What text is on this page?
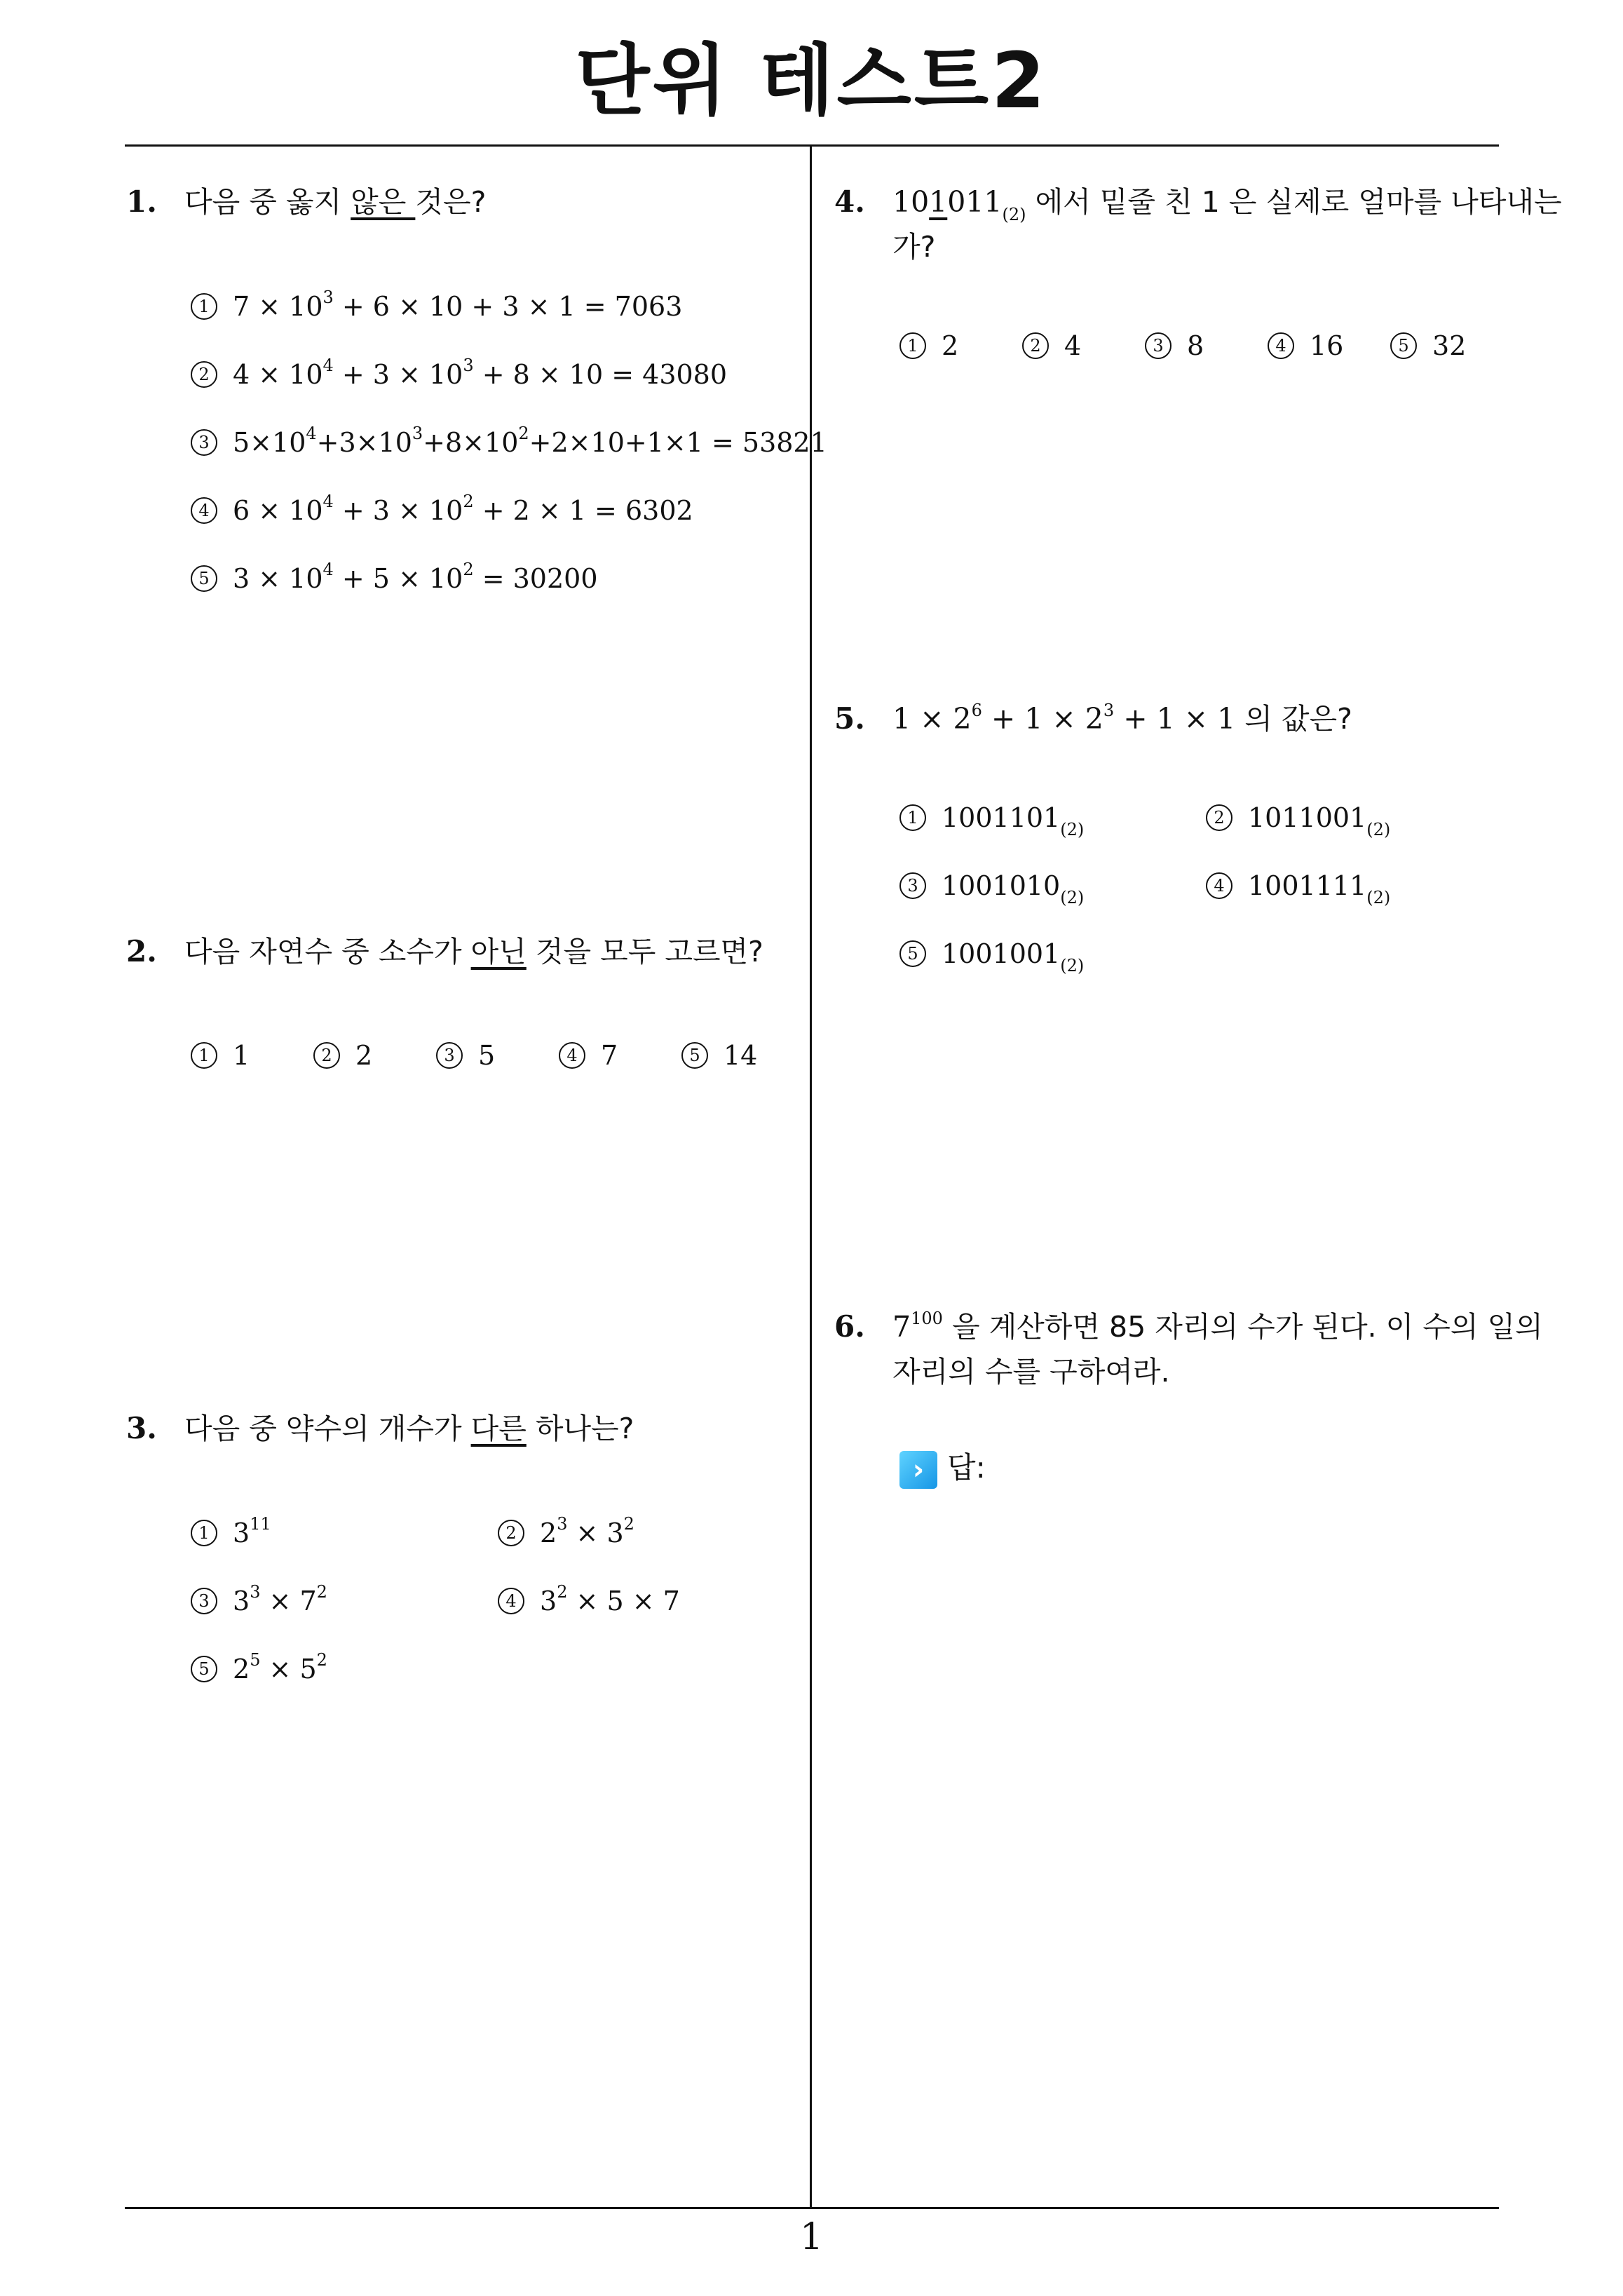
단위 테스트2
1
1. 다음 중 옳지 않은 것은?
1 $7 \times 10^3 + 6 \times 10 + 3 \times 1 = 7063$
2 $4 \times 10^4 + 3 \times 10^3 + 8 \times 10 = 43080$
3 $5\times 10^4+3\times 10^3+8\times 10^2+2\times 10+1\times 1 = 53821$
4 $6 \times 10^4 + 3 \times 10^2 + 2 \times 1 = 6302$
5 $3 \times 10^4 + 5 \times 10^2 = 30200$
2. 다음 자연수 중 소수가 아닌 것을 모두 고르면?
1 1	2 2	3 5	4 7	5 14
3. 다음 중 약수의 개수가 다른 하나는?
1 $3^{11}$	2 $2^3 \times 3^2$
3 $3^3 \times 7^2$	4 $3^2 \times 5 \times 7$
5 $2^5 \times 5^2$
4. $101011_{(2)}$ 에서 밑줄 친 1 은 실제로 얼마를 나타내는
가?
1 2	2 4	3 8	4 16	5 32
5. $1 \times 2^6 + 1 \times 2^3 + 1 \times 1$ 의 값은?
1 $1001101_{(2)}$
2 $1011001_{(2)}$
3 $1001010_{(2)}$
4 $1001111_{(2)}$
5 $1001001_{(2)}$
6. $7^{100}$ 을 계산하면 85 자리의 수가 된다. 이 수의 일의
자리의 수를 구하여라.
› 답:
